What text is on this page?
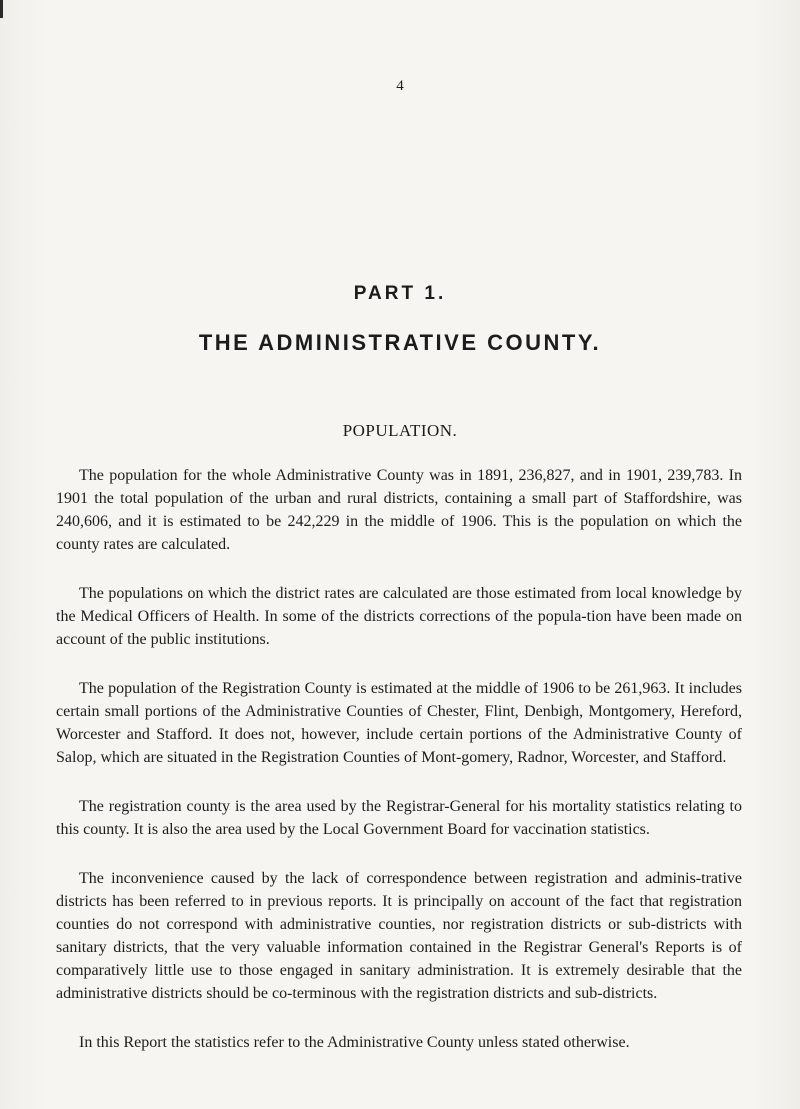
4
PART 1.
THE ADMINISTRATIVE COUNTY.
POPULATION.

The population for the whole Administrative County was in 1891, 236,827, and in 1901, 239,783. In 1901 the total population of the urban and rural districts, containing a small part of Staffordshire, was 240,606, and it is estimated to be 242,229 in the middle of 1906. This is the population on which the county rates are calculated.

The populations on which the district rates are calculated are those estimated from local knowledge by the Medical Officers of Health. In some of the districts corrections of the popula-tion have been made on account of the public institutions.

The population of the Registration County is estimated at the middle of 1906 to be 261,963. It includes certain small portions of the Administrative Counties of Chester, Flint, Denbigh, Montgomery, Hereford, Worcester and Stafford. It does not, however, include certain portions of the Administrative County of Salop, which are situated in the Registration Counties of Mont-gomery, Radnor, Worcester, and Stafford.

The registration county is the area used by the Registrar-General for his mortality statistics relating to this county. It is also the area used by the Local Government Board for vaccination statistics.

The inconvenience caused by the lack of correspondence between registration and adminis-trative districts has been referred to in previous reports. It is principally on account of the fact that registration counties do not correspond with administrative counties, nor registration districts or sub-districts with sanitary districts, that the very valuable information contained in the Registrar General's Reports is of comparatively little use to those engaged in sanitary administration. It is extremely desirable that the administrative districts should be co-terminous with the registration districts and sub-districts.

In this Report the statistics refer to the Administrative County unless stated otherwise.
